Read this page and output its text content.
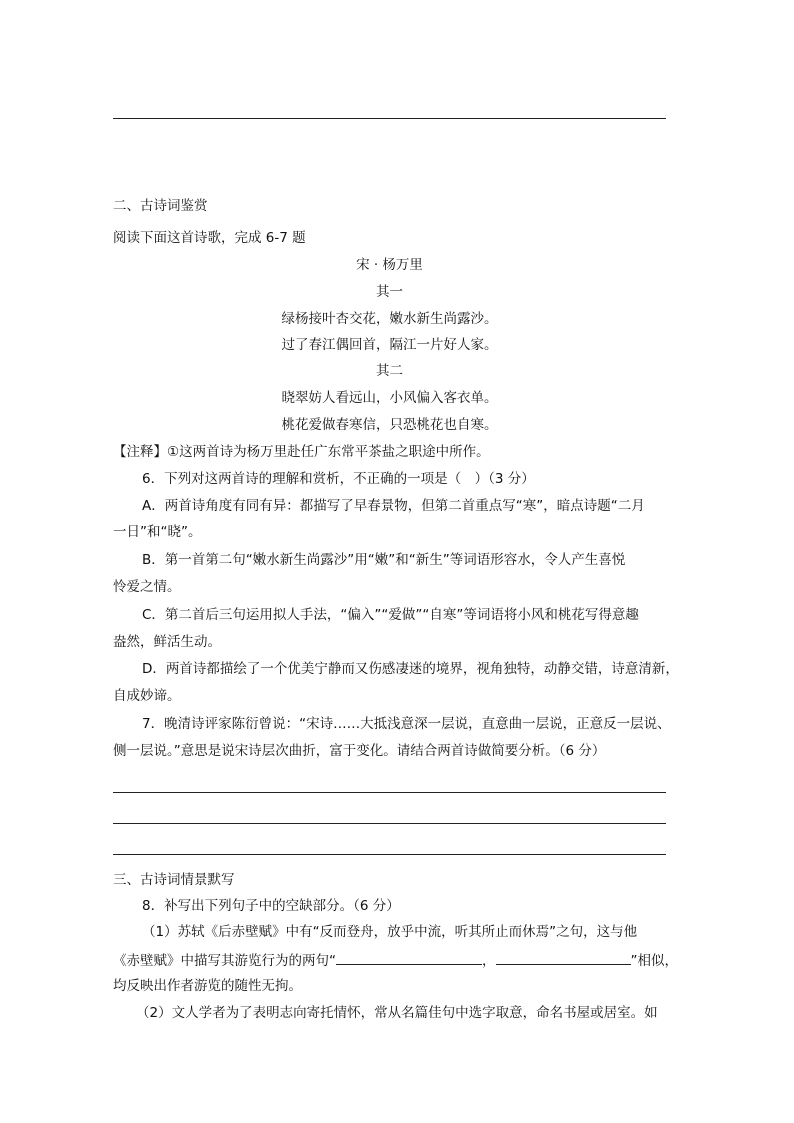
二、古诗词鉴赏
阅读下面这首诗歌，完成 6-7 题
宋 · 杨万里
其一
绿杨接叶杏交花，嫩水新生尚露沙。
过了春江偶回首，隔江一片好人家。
其二
晓翠妨人看远山，小风偏入客衣单。
桃花爱做春寒信，只恐桃花也自寒。
【注释】①这两首诗为杨万里赴任广东常平茶盐之职途中所作。
6．下列对这两首诗的理解和赏析，不正确的一项是（　）（3 分）
A．两首诗角度有同有异：都描写了早春景物，但第二首重点写“寒”，暗点诗题“二月
一日”和“晓”。
B．第一首第二句“嫩水新生尚露沙”用“嫩”和“新生”等词语形容水，令人产生喜悦
怜爱之情。
C．第二首后三句运用拟人手法，“偏入”“爱做”“自寒”等词语将小风和桃花写得意趣
盎然，鲜活生动。
D．两首诗都描绘了一个优美宁静而又伤感凄迷的境界，视角独特，动静交错，诗意清新，
自成妙谛。
7．晚清诗评家陈衍曾说：“宋诗……大抵浅意深一层说，直意曲一层说，正意反一层说、
侧一层说。”意思是说宋诗层次曲折，富于变化。请结合两首诗做简要分析。（6 分）
三、古诗词情景默写
8．补写出下列句子中的空缺部分。（6 分）
（1）苏轼《后赤壁赋》中有“反而登舟，放乎中流，听其所止而休焉”之句，这与他
《赤壁赋》中描写其游览行为的两句“	，	”相似，
均反映出作者游览的随性无拘。
（2）文人学者为了表明志向寄托情怀，常从名篇佳句中选字取意，命名书屋或居室。如
